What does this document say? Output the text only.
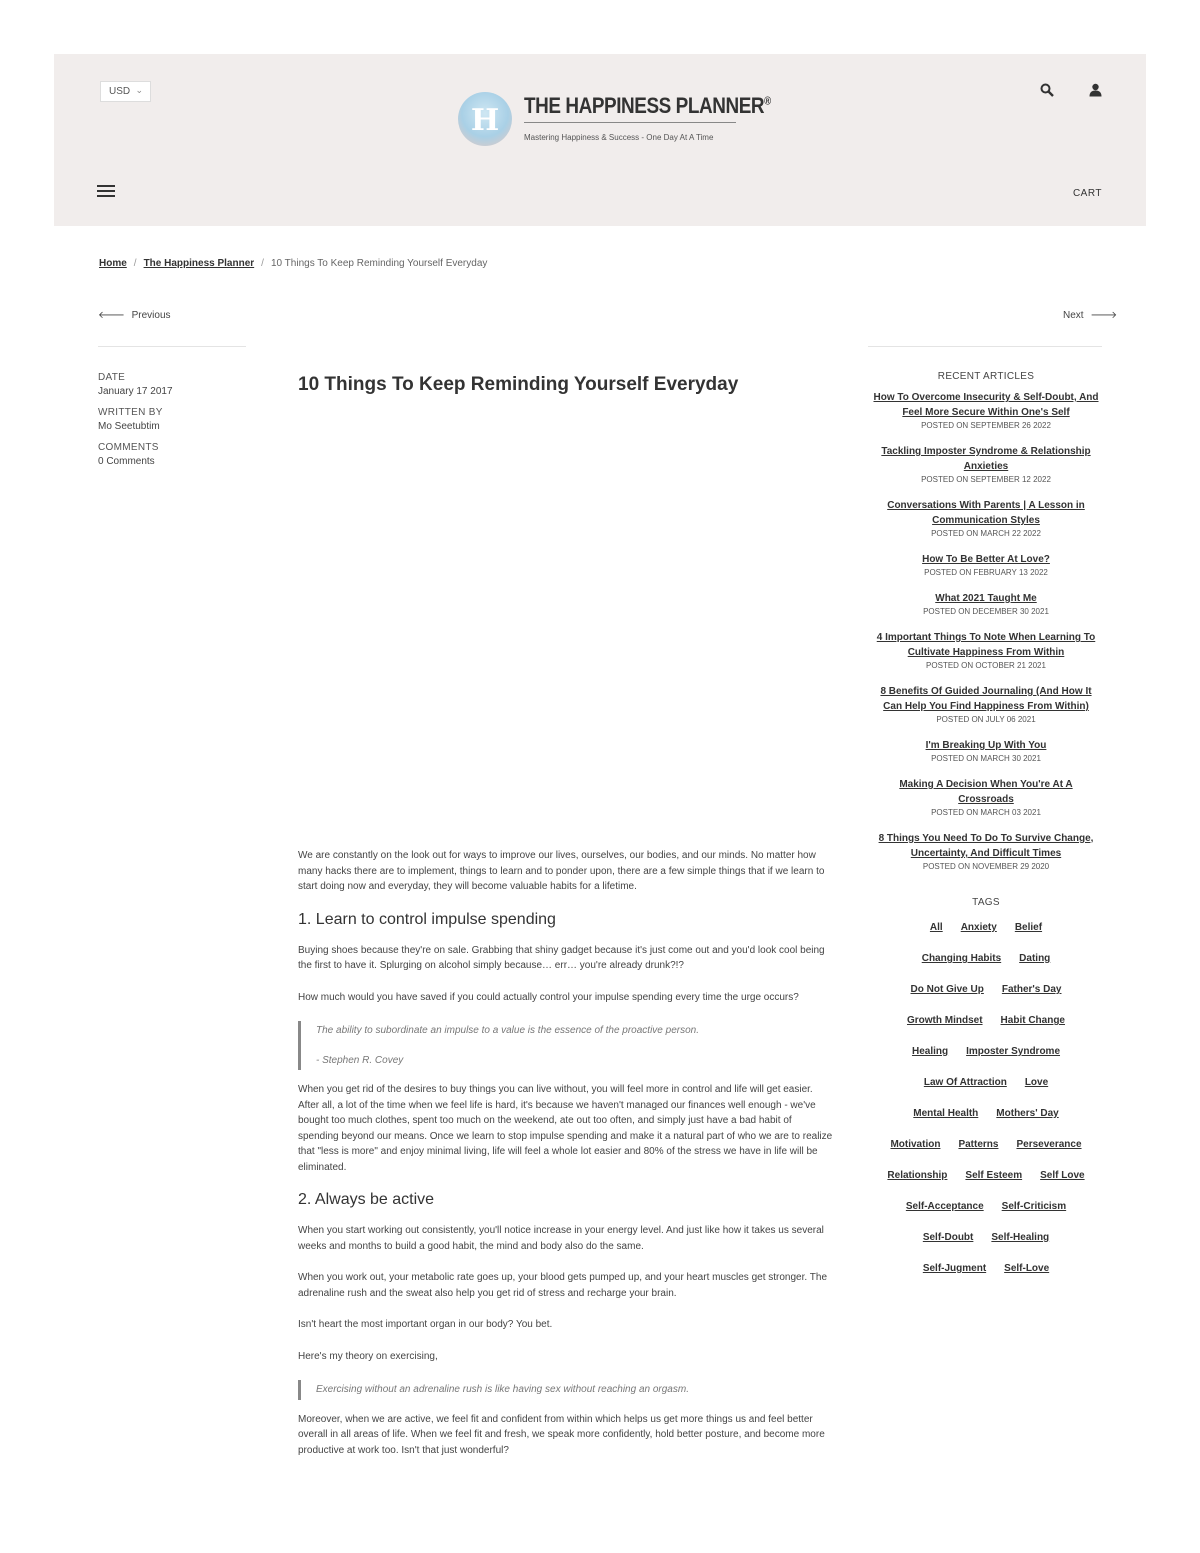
USD ⌄
H	THE HAPPINESS PLANNER®
Mastering Happiness & Success - One Day At A Time
CART
Home / The Happiness Planner / 10 Things To Keep Reminding Yourself Everyday
🡐 Previous	Next 🡒
DATE
January 17 2017
WRITTEN BY
Mo Seetubtim
COMMENTS
0 Comments
10 Things To Keep Reminding Yourself Everyday

We are constantly on the look out for ways to improve our lives, ourselves, our bodies, and our minds. No matter how many hacks there are to implement, things to learn and to ponder upon, there are a few simple things that if we learn to start doing now and everyday, they will become valuable habits for a lifetime.

1. Learn to control impulse spending

Buying shoes because they're on sale. Grabbing that shiny gadget because it's just come out and you'd look cool being the first to have it. Splurging on alcohol simply because… err… you're already drunk?!?

How much would you have saved if you could actually control your impulse spending every time the urge occurs?

The ability to subordinate an impulse to a value is the essence of the proactive person.

- Stephen R. Covey

When you get rid of the desires to buy things you can live without, you will feel more in control and life will get easier. After all, a lot of the time when we feel life is hard, it's because we haven't managed our finances well enough - we've bought too much clothes, spent too much on the weekend, ate out too often, and simply just have a bad habit of spending beyond our means. Once we learn to stop impulse spending and make it a natural part of who we are to realize that "less is more" and enjoy minimal living, life will feel a whole lot easier and 80% of the stress we have in life will be eliminated.

2. Always be active

When you start working out consistently, you'll notice increase in your energy level. And just like how it takes us several weeks and months to build a good habit, the mind and body also do the same.

When you work out, your metabolic rate goes up, your blood gets pumped up, and your heart muscles get stronger. The adrenaline rush and the sweat also help you get rid of stress and recharge your brain.

Isn't heart the most important organ in our body? You bet.

Here's my theory on exercising,

Exercising without an adrenaline rush is like having sex without reaching an orgasm.

Moreover, when we are active, we feel fit and confident from within which helps us get more things us and feel better overall in all areas of life. When we feel fit and fresh, we speak more confidently, hold better posture, and become more productive at work too. Isn't that just wonderful?

RECENT ARTICLES
How To Overcome Insecurity & Self-Doubt, And Feel More Secure Within One's Self
POSTED ON SEPTEMBER 26 2022
Tackling Imposter Syndrome & Relationship Anxieties
POSTED ON SEPTEMBER 12 2022
Conversations With Parents | A Lesson in Communication Styles
POSTED ON MARCH 22 2022
How To Be Better At Love?
POSTED ON FEBRUARY 13 2022
What 2021 Taught Me
POSTED ON DECEMBER 30 2021
4 Important Things To Note When Learning To Cultivate Happiness From Within
POSTED ON OCTOBER 21 2021
8 Benefits Of Guided Journaling (And How It Can Help You Find Happiness From Within)
POSTED ON JULY 06 2021
I'm Breaking Up With You
POSTED ON MARCH 30 2021
Making A Decision When You're At A Crossroads
POSTED ON MARCH 03 2021
8 Things You Need To Do To Survive Change, Uncertainty, And Difficult Times
POSTED ON NOVEMBER 29 2020
TAGS
All Anxiety Belief
Changing Habits Dating
Do Not Give Up Father's Day
Growth Mindset Habit Change
Healing Imposter Syndrome
Law Of Attraction Love
Mental Health Mothers' Day
Motivation Patterns Perseverance
Relationship Self Esteem Self Love
Self-Acceptance Self-Criticism
Self-Doubt Self-Healing
Self-Jugment Self-Love
